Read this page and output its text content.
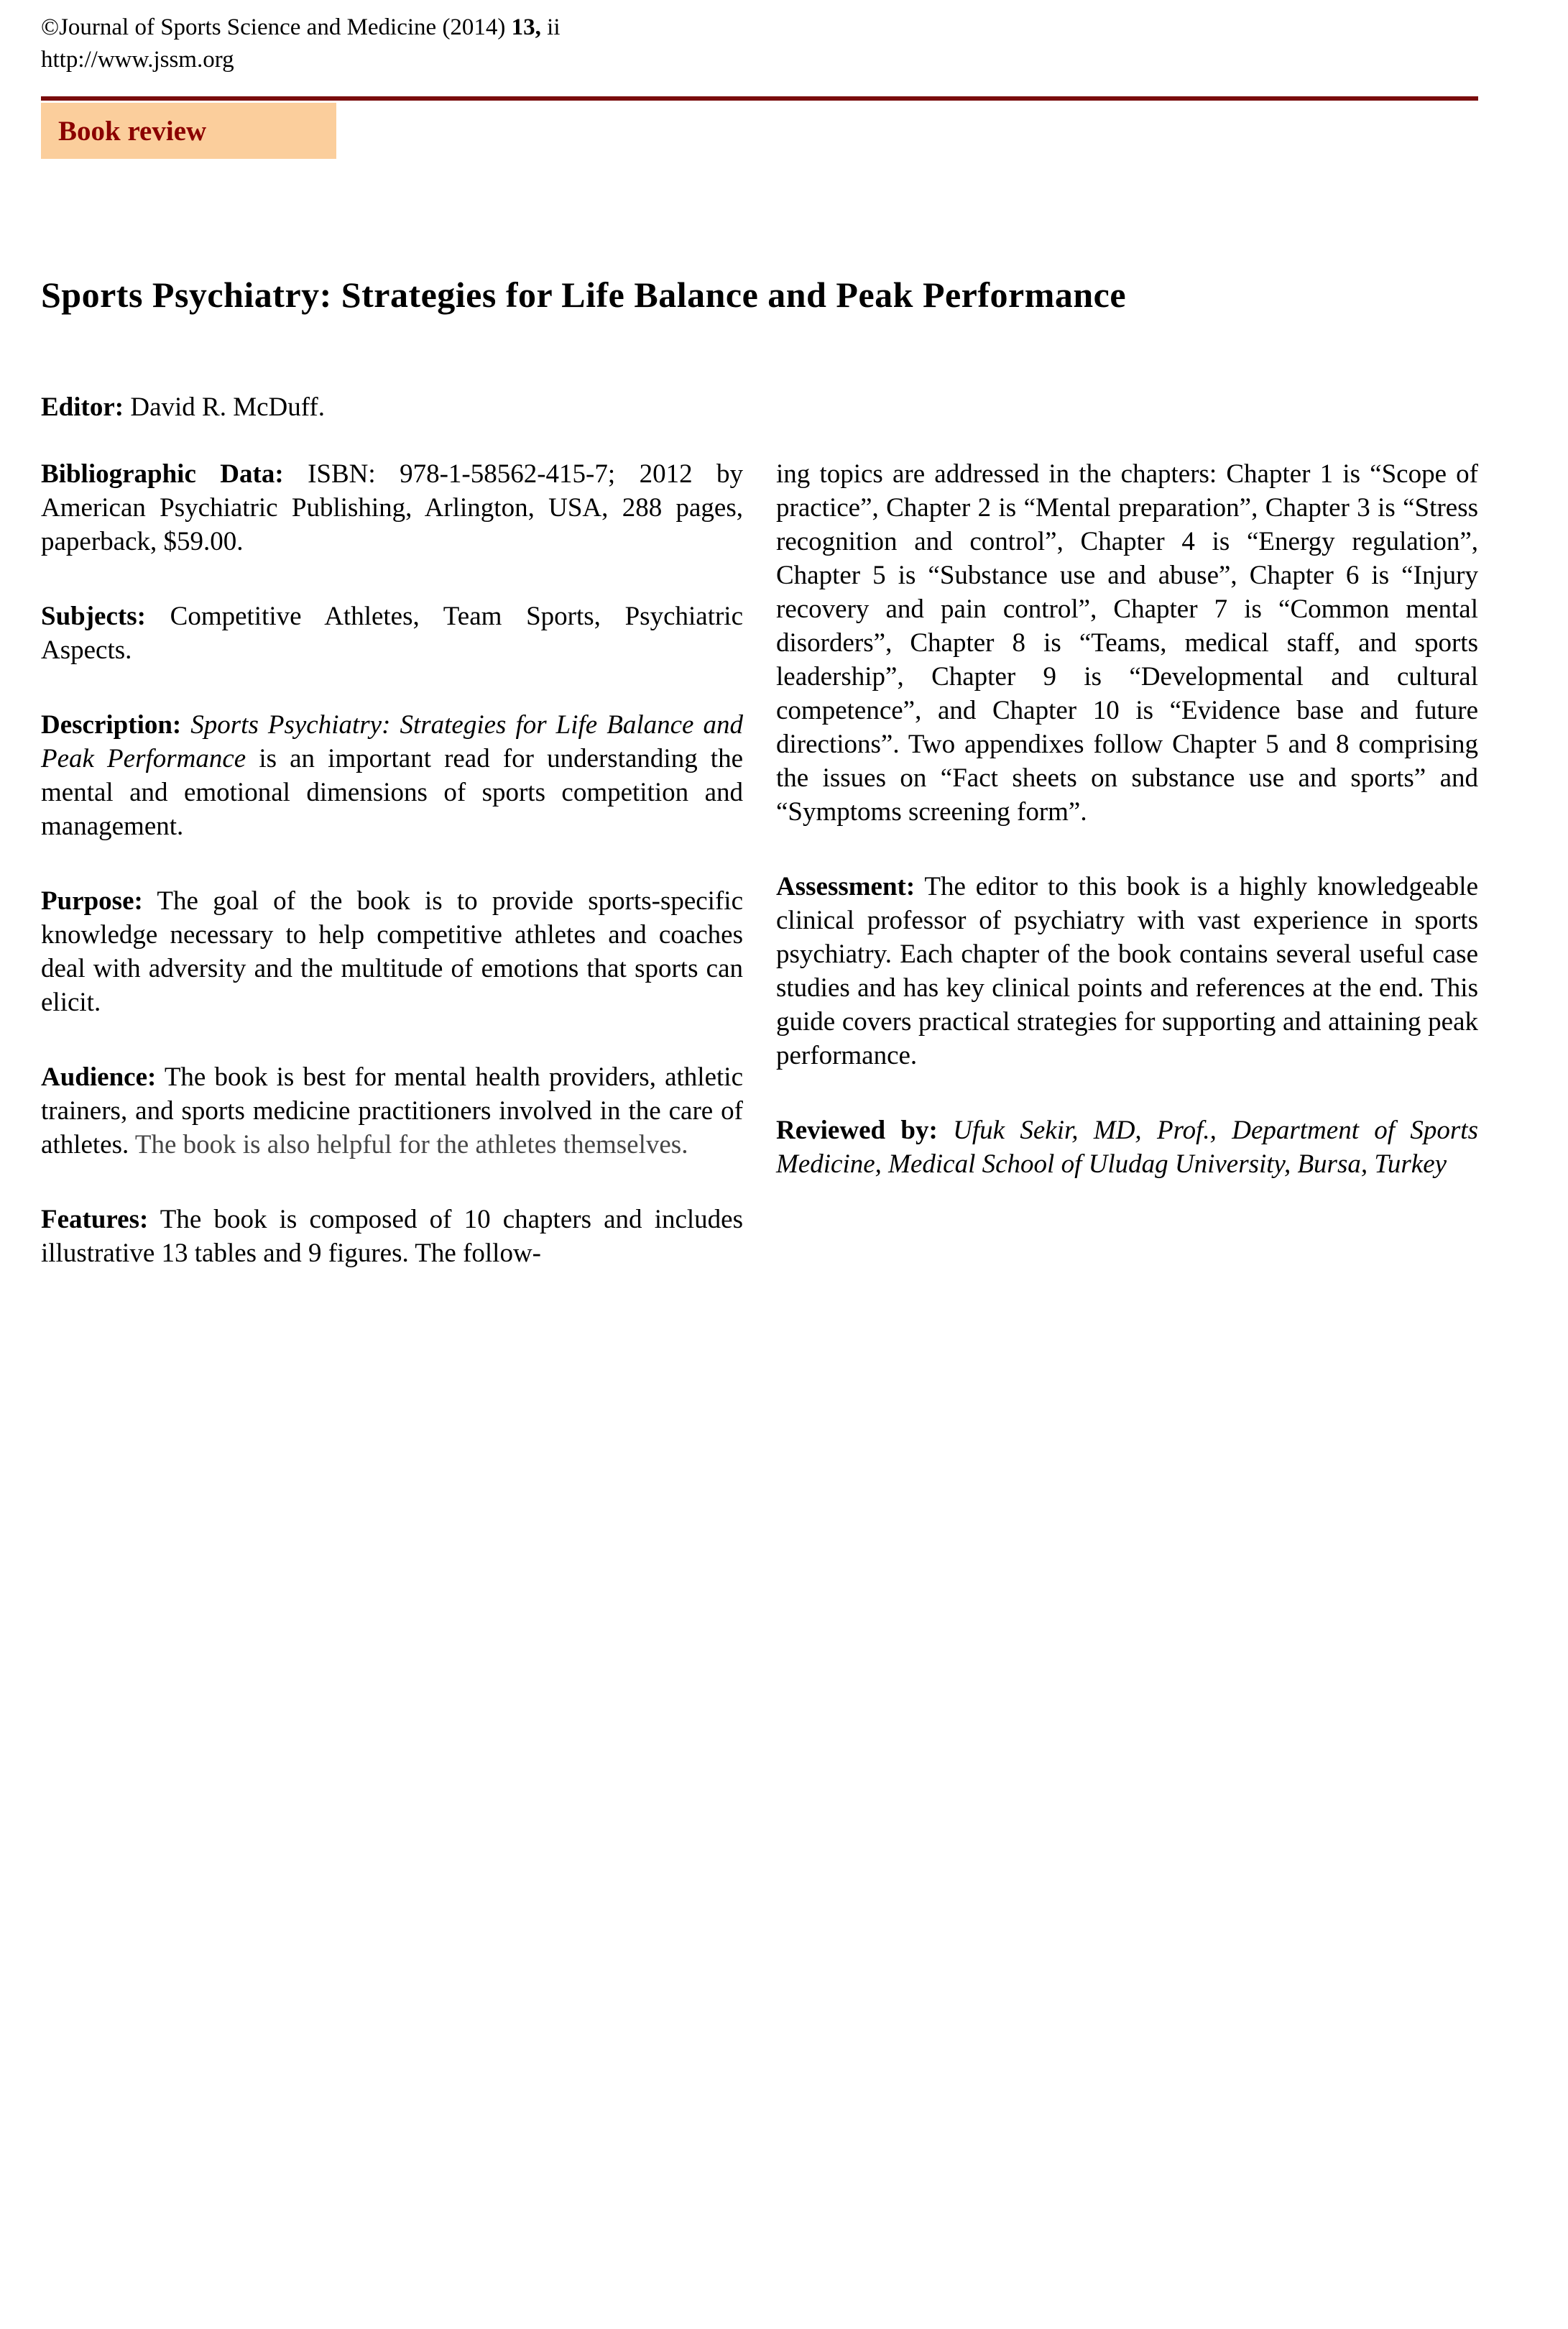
©Journal of Sports Science and Medicine (2014) 13, ii
http://www.jssm.org
Book review
Sports Psychiatry: Strategies for Life Balance and Peak Performance
Editor: David R. McDuff.

Bibliographic Data: ISBN: 978-1-58562-415-7; 2012 by American Psychiatric Publishing, Arlington, USA, 288 pages, paperback, $59.00.

Subjects: Competitive Athletes, Team Sports, Psychiatric Aspects.

Description: Sports Psychiatry: Strategies for Life Balance and Peak Performance is an important read for understanding the mental and emotional dimensions of sports competition and management.

Purpose: The goal of the book is to provide sports-specific knowledge necessary to help competitive athletes and coaches deal with adversity and the multitude of emotions that sports can elicit.

Audience: The book is best for mental health providers, athletic trainers, and sports medicine practitioners involved in the care of athletes. The book is also helpful for the athletes themselves.

Features: The book is composed of 10 chapters and includes illustrative 13 tables and 9 figures. The follow-

ing topics are addressed in the chapters: Chapter 1 is “Scope of practice”, Chapter 2 is “Mental preparation”, Chapter 3 is “Stress recognition and control”, Chapter 4 is “Energy regulation”, Chapter 5 is “Substance use and abuse”, Chapter 6 is “Injury recovery and pain control”, Chapter 7 is “Common mental disorders”, Chapter 8 is “Teams, medical staff, and sports leadership”, Chapter 9 is “Developmental and cultural competence”, and Chapter 10 is “Evidence base and future directions”. Two appendixes follow Chapter 5 and 8 comprising the issues on “Fact sheets on substance use and sports” and “Symptoms screening form”.

Assessment: The editor to this book is a highly knowledgeable clinical professor of psychiatry with vast experience in sports psychiatry. Each chapter of the book contains several useful case studies and has key clinical points and references at the end. This guide covers practical strategies for supporting and attaining peak performance.

Reviewed by: Ufuk Sekir, MD, Prof., Department of Sports Medicine, Medical School of Uludag University, Bursa, Turkey
